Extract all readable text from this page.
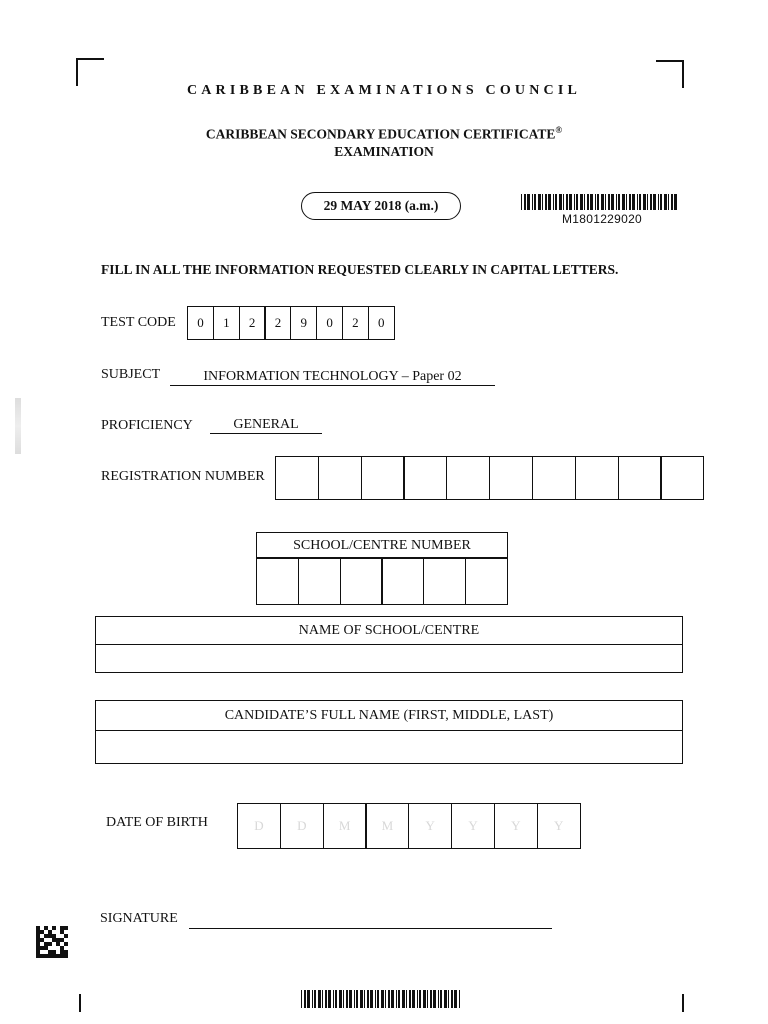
CARIBBEAN EXAMINATIONS COUNCIL
CARIBBEAN SECONDARY EDUCATION CERTIFICATE®
EXAMINATION
29 MAY 2018 (a.m.)
M1801229020
FILL IN ALL THE INFORMATION REQUESTED CLEARLY IN CAPITAL LETTERS.
TEST CODE 0 1 2 2 9 0 2 0
SUBJECT	INFORMATION TECHNOLOGY – Paper 02
PROFICIENCY	GENERAL
REGISTRATION NUMBER
SCHOOL/CENTRE NUMBER
NAME OF SCHOOL/CENTRE
CANDIDATE’S FULL NAME (FIRST, MIDDLE, LAST)
DATE OF BIRTH	D	D M M Y	Y	Y	Y
SIGNATURE
